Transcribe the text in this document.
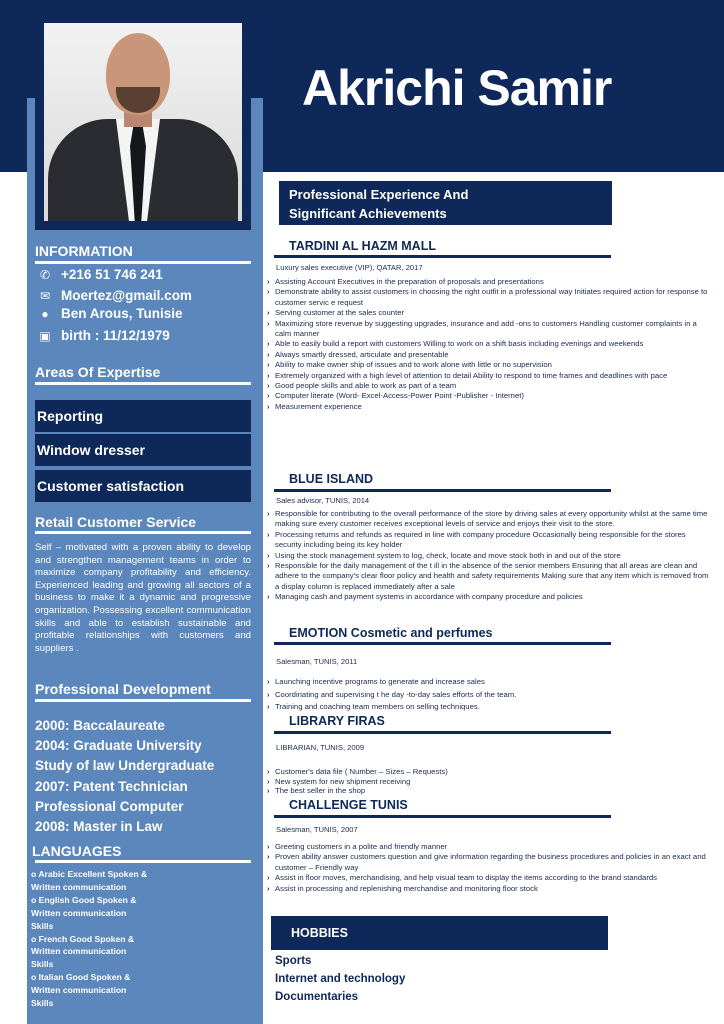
Akrichi Samir
INFORMATION
✆ +216 51 746 241
✉ Moertez@gmail.com
● Ben Arous, Tunisie
▣ birth : 11/12/1979
Areas Of Expertise
Reporting
Window dresser
Customer satisfaction
Retail Customer Service
Self – motivated with a proven ability to develop and strengthen management teams in order to maximize company profitability and efficiency. Experienced leading and growing all sectors of a business to make it a dynamic and progressive organization. Possessing excellent communication skills and able to establish sustainable and profitable relationships with customers and suppliers .
Professional Development
2000: Baccalaureate
2004: Graduate University
Study of law Undergraduate
2007: Patent Technician
Professional Computer
2008: Master in Law
LANGUAGES
o Arabic Excellent Spoken &
Written communication
o English Good Spoken &
Written communication
Skills
o French Good Spoken &
Written communication
Skills
o Italian Good Spoken &
Written communication
Skills
Professional Experience And
Significant Achievements
TARDINI AL HAZM MALL
Luxury sales executive (VIP), QATAR, 2017
› Assisting Account Executives in the preparation of proposals and presentations
› Demonstrate ability to assist customers in choosing the right outfit in a professional way Initiates required action for response to customer servic e request
› Serving customer at the sales counter
› Maximizing store revenue by suggesting upgrades, insurance and add -ons to customers Handling customer complaints in a calm manner
› Able to easily build a report with customers Willing to work on a shift basis including evenings and weekends
› Always smartly dressed, articulate and presentable
› Ability to make owner ship of issues and to work alone with little or no supervision
› Extremely organized with a high level of attention to detail Ability to respond to time frames and deadlines with pace
› Good people skills and able to work as part of a team
› Computer literate (Word- Excel-Access-Power Point -Publisher - Internet)
› Measurement experience
BLUE ISLAND
Sales advisor, TUNIS, 2014
› Responsible for contributing to the overall performance of the store by driving sales at every opportunity whilst at the same time making sure every customer receives exceptional levels of service and enjoys their visit to the store.
› Processing returns and refunds as required in line with company procedure Occasionally being responsible for the stores security including being its key holder
› Using the stock management system to log, check, locate and move stock both in and out of the store
› Responsible for the daily management of the t ill in the absence of the senior members Ensuring that all areas are clean and adhere to the company's clear floor policy and health and safety requirements Making sure that any item which is removed from a display column is replaced immediately after a sale
› Managing cash and payment systems in accordance with company procedure and policies
EMOTION Cosmetic and perfumes
Salesman, TUNIS, 2011
› Launching incentive programs to generate and increase sales
› Coordinating and supervising t he day -to-day sales efforts of the team.
› Training and coaching team members on selling techniques.
LIBRARY FIRAS
LIBRARIAN, TUNIS, 2009
› Customer's data file ( Number – Sizes – Requests)
› New system for new shipment receiving
› The best seller in the shop
CHALLENGE TUNIS
Salesman, TUNIS, 2007
› Greeting customers in a polite and friendly manner
› Proven ability answer customers question and give information regarding the business procedures and policies in an exact and customer – Friendly way
› Assist in floor moves, merchandising, and help visual team to display the items according to the brand standards
› Assist in processing and replenishing merchandise and monitoring floor stock
HOBBIES
Sports
Internet and technology
Documentaries
